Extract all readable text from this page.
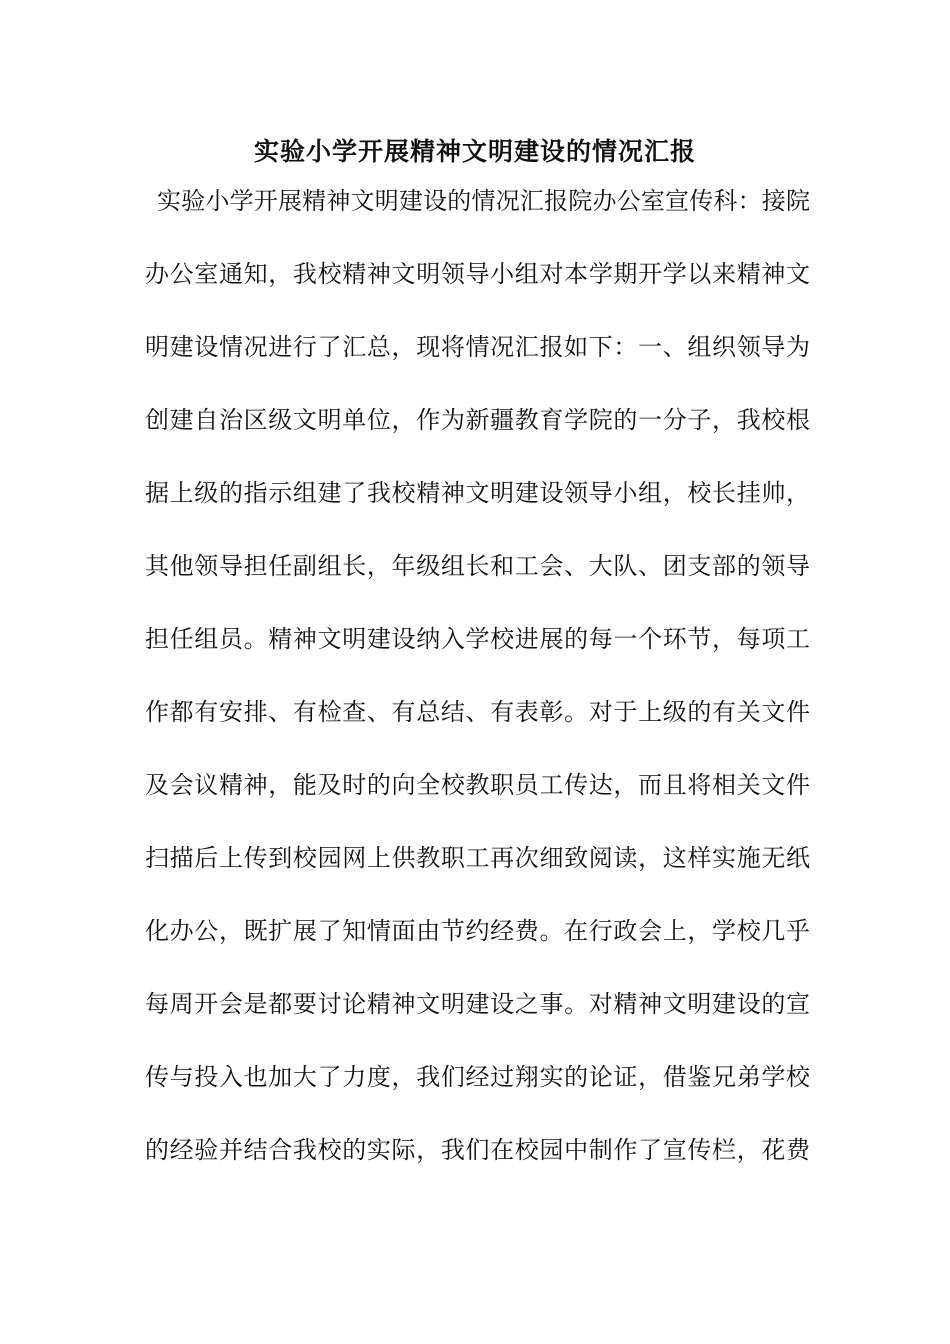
实验小学开展精神文明建设的情况汇报
实验小学开展精神文明建设的情况汇报院办公室宣传科：接院
办公室通知，我校精神文明领导小组对本学期开学以来精神文
明建设情况进行了汇总，现将情况汇报如下：一、组织领导为
创建自治区级文明单位，作为新疆教育学院的一分子，我校根
据上级的指示组建了我校精神文明建设领导小组，校长挂帅，
其他领导担任副组长，年级组长和工会、大队、团支部的领导
担任组员。精神文明建设纳入学校进展的每一个环节，每项工
作都有安排、有检查、有总结、有表彰。对于上级的有关文件
及会议精神，能及时的向全校教职员工传达，而且将相关文件
扫描后上传到校园网上供教职工再次细致阅读，这样实施无纸
化办公，既扩展了知情面由节约经费。在行政会上，学校几乎
每周开会是都要讨论精神文明建设之事。对精神文明建设的宣
传与投入也加大了力度，我们经过翔实的论证，借鉴兄弟学校
的经验并结合我校的实际，我们在校园中制作了宣传栏，花费
